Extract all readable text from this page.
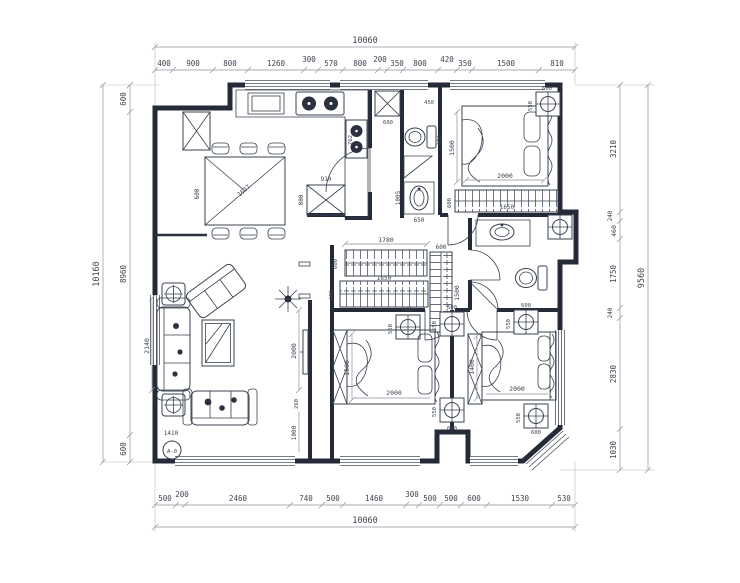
10060
400 900	800	1260 300 570 800 200 350 800 420 350	1500	810
500 200	2460	740 500	1460	300 500 500 600	1530	530
10060
600
8960
600
10160
3210
240
460
1750
240
2830
1030
9560
910
800
762
1637
600
600
450
650
1005
650
1500
2000
600
550
600	1650
1780
600
1650
600
600
1500
600
550
2140	2000
260
1000
1410
A-0
1500
2000
550
600
550
600
1400
2000
600
550
550
600
